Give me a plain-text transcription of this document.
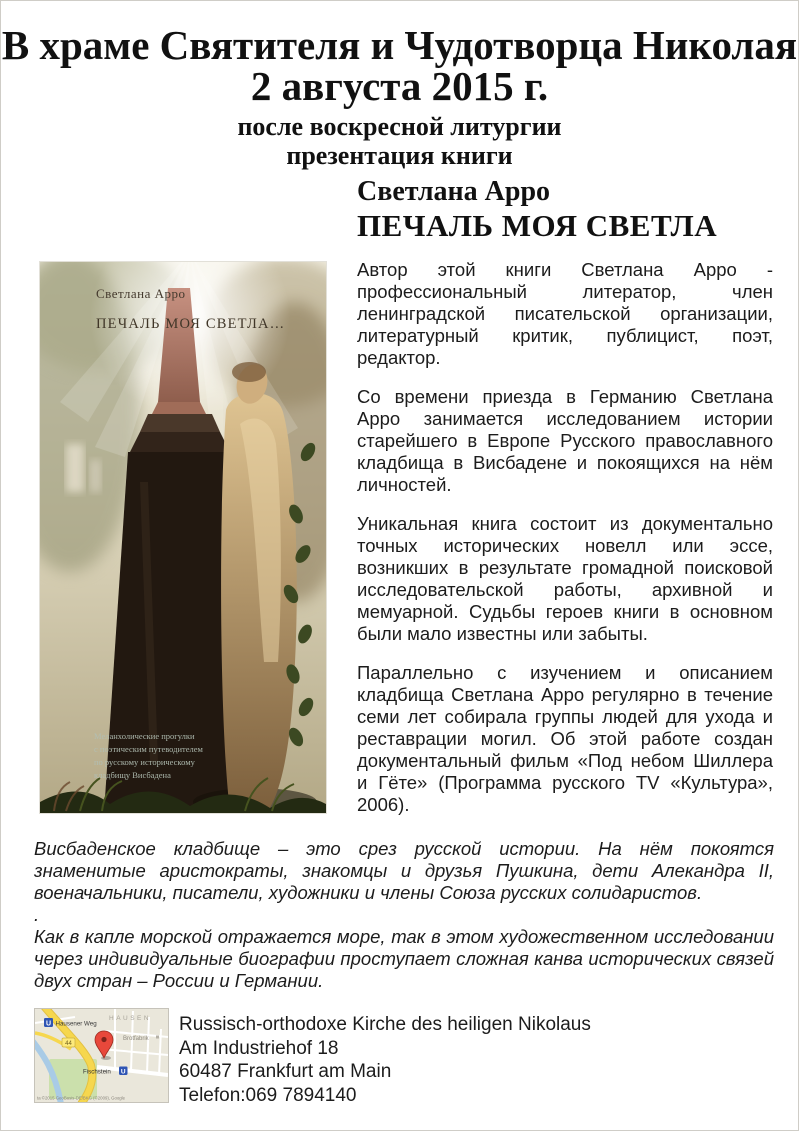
В храме Святителя и Чудотворца Николая
2 августа 2015 г.
после воскресной литургии
презентация книги
Светлана Арро
ПЕЧАЛЬ МОЯ СВЕТЛА
Светлана Арро
ПЕЧАЛЬ МОЯ СВЕТЛА…
Меланхолические прогулки
с поэтическим путеводителем
по русскому историческому
кладбищу Висбадена

Автор этой книги Светлана Арро - профессиональный литератор, член ленинградской писательской организации, литературный критик, публицист, поэт, редактор.

Со времени приезда в Германию Светлана Арро занимается исследованием истории старейшего в Европе Русского православного кладбища в Висбадене и покоящихся на нём личностей.

Уникальная книга состоит из документально точных исторических новелл или эссе, возникших в результате громадной поисковой исследовательской работы, архивной и мемуарной. Судьбы героев книги в основном были мало известны или забыты.

Параллельно с изучением и описанием кладбища Светлана Арро регулярно в течение семи лет собирала группы людей для ухода и реставрации могил. Об этой работе создан документальный фильм «Под небом Шиллера и Гёте» (Программа русского TV «Культура», 2006).

Висбаденское кладбище – это срез русской истории. На нём покоятся знаменитые аристократы, знакомцы и друзья Пушкина, дети Алекандра II, военачальники, писатели, художники и члены Союза русских солидаристов.

.

Как в капле морской отражается море, так в этом художественном исследовании через индивидуальные биографии проступает сложная канва исторических связей двух стран – России и Германии.

HAUSEN
U Hausener Weg
44
Brotfabrik
Fischstein U
ta ©2015 GeoBasis-DE/BKG (©2009), Google
Russisch-orthodoxe Kirche des heiligen Nikolaus
Am Industriehof 18
60487 Frankfurt am Main
Telefon:069 7894140
